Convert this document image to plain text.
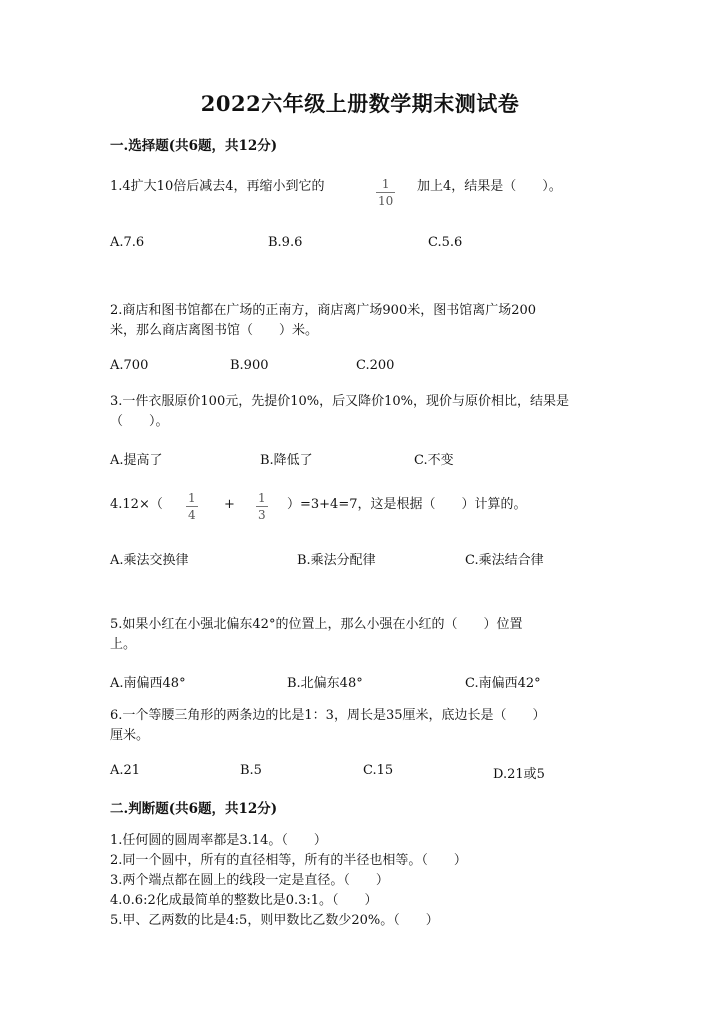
2022六年级上册数学期末测试卷
一.选择题(共6题，共12分)
1.4扩大10倍后减去4，再缩小到它的	1
10
加上4，结果是（　　）。
A.7.6	B.9.6	C.5.6
2.商店和图书馆都在广场的正南方，商店离广场900米，图书馆离广场200
米，那么商店离图书馆（　　）米。
A.700	B.900	C.200
3.一件衣服原价100元，先提价10%，后又降价10%，现价与原价相比，结果是
（　　）。
A.提高了	B.降低了	C.不变
4.12×（ 1
4
+ 1
3
）=3+4=7，这是根据（　　）计算的。
A.乘法交换律	B.乘法分配律	C.乘法结合律
5.如果小红在小强北偏东42°的位置上，那么小强在小红的（　　）位置
上。
A.南偏西48°	B.北偏东48°	C.南偏西42°
6.一个等腰三角形的两条边的比是1：3，周长是35厘米，底边长是（　　）
厘米。
A.21	B.5	C.15	D.21或5
二.判断题(共6题，共12分)
1.任何圆的圆周率都是3.14。（　　）
2.同一个圆中，所有的直径相等，所有的半径也相等。（　　）
3.两个端点都在圆上的线段一定是直径。（　　）
4.0.6:2化成最简单的整数比是0.3:1。（　　）
5.甲、乙两数的比是4:5，则甲数比乙数少20%。（　　）
